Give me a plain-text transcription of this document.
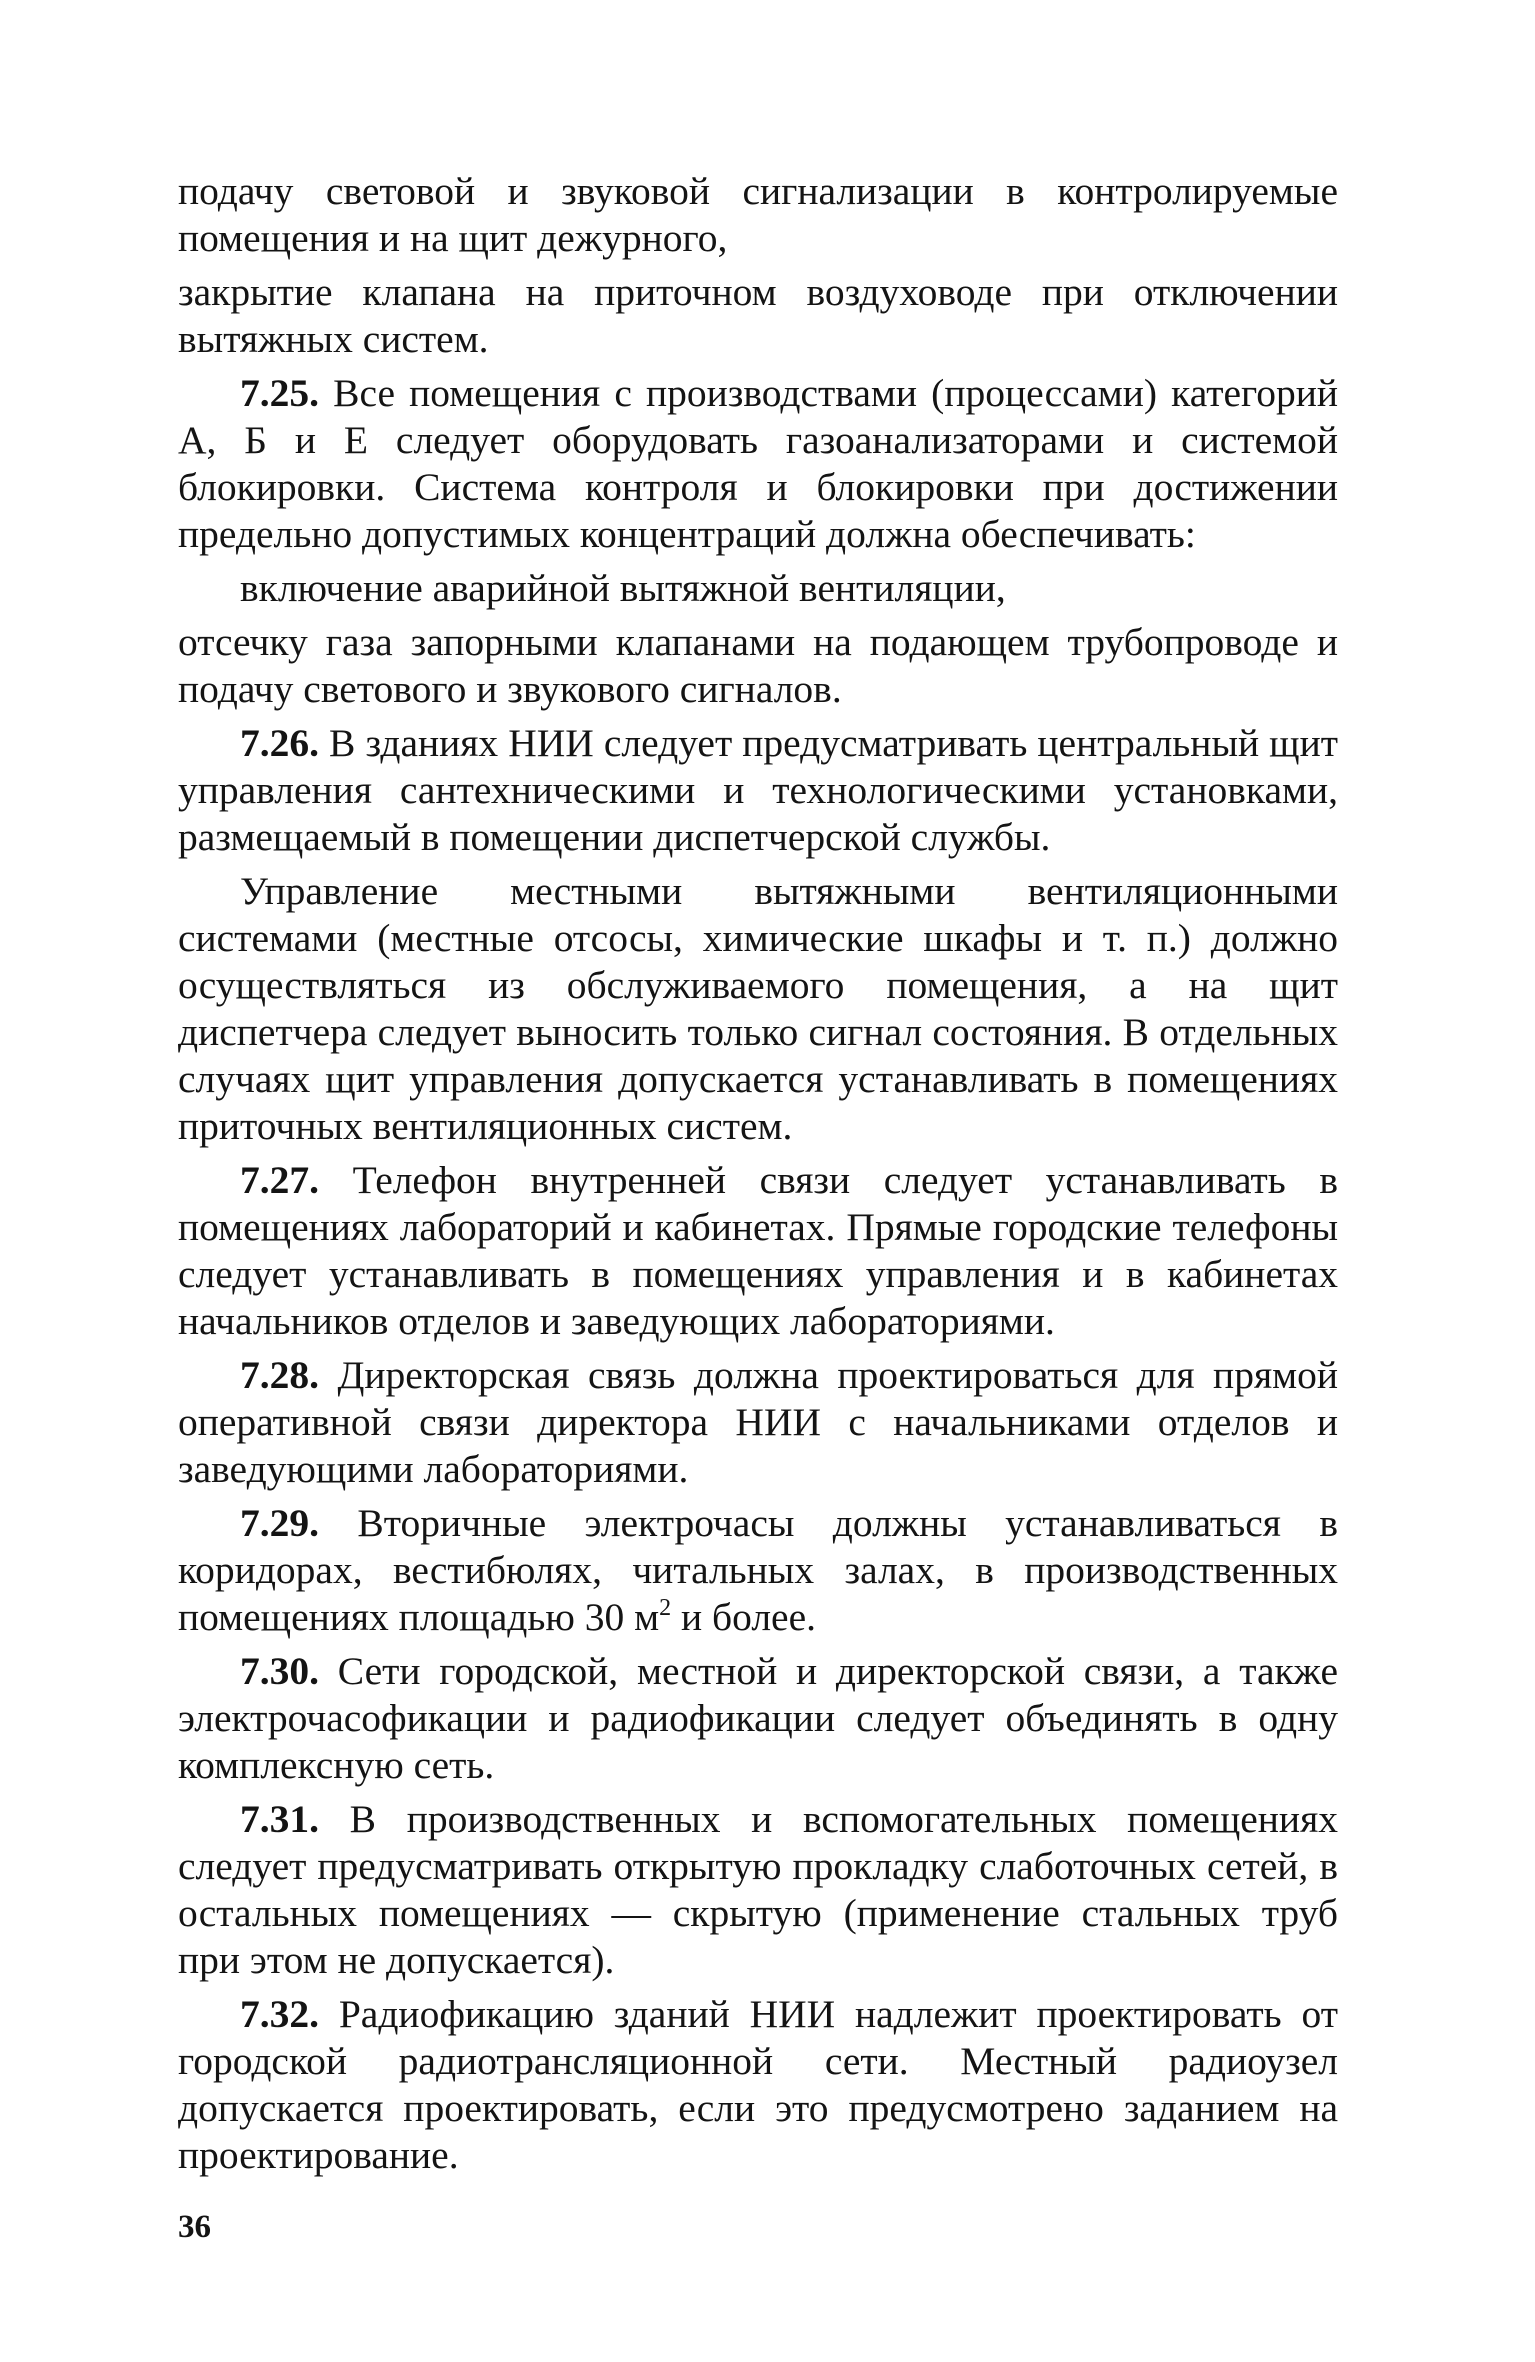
подачу световой и звуковой сигнализации в контролируемые помещения и на щит дежурного,

закрытие клапана на приточном воздуховоде при отключении вытяжных систем.

7.25. Все помещения с производствами (процессами) категорий А, Б и Е следует оборудовать газоанализаторами и системой блокировки. Система контроля и блокировки при достижении предельно допустимых концентраций должна обеспечивать:

включение аварийной вытяжной вентиляции,

отсечку газа запорными клапанами на подающем трубопроводе и подачу светового и звукового сигналов.

7.26. В зданиях НИИ следует предусматривать центральный щит управления сантехническими и технологическими установками, размещаемый в помещении диспетчерской службы.

Управление местными вытяжными вентиляционными системами (местные отсосы, химические шкафы и т. п.) должно осуществляться из обслуживаемого помещения, а на щит диспетчера следует выносить только сигнал состояния. В отдельных случаях щит управления допускается устанавливать в помещениях приточных вентиляционных систем.

7.27. Телефон внутренней связи следует устанавливать в помещениях лабораторий и кабинетах. Прямые городские телефоны следует устанавливать в помещениях управления и в кабинетах начальников отделов и заведующих лабораториями.

7.28. Директорская связь должна проектироваться для прямой оперативной связи директора НИИ с начальниками отделов и заведующими лабораториями.

7.29. Вторичные электрочасы должны устанавливаться в коридорах, вестибюлях, читальных залах, в производственных помещениях площадью 30 $м^2$ и более.

7.30. Сети городской, местной и директорской связи, а также электрочасофикации и радиофикации следует объединять в одну комплексную сеть.

7.31. В производственных и вспомогательных помещениях следует предусматривать открытую прокладку слаботочных сетей, в остальных помещениях — скрытую (применение стальных труб при этом не допускается).

7.32. Радиофикацию зданий НИИ надлежит проектировать от городской радиотрансляционной сети. Местный радиоузел допускается проектировать, если это предусмотрено заданием на проектирование.

36
